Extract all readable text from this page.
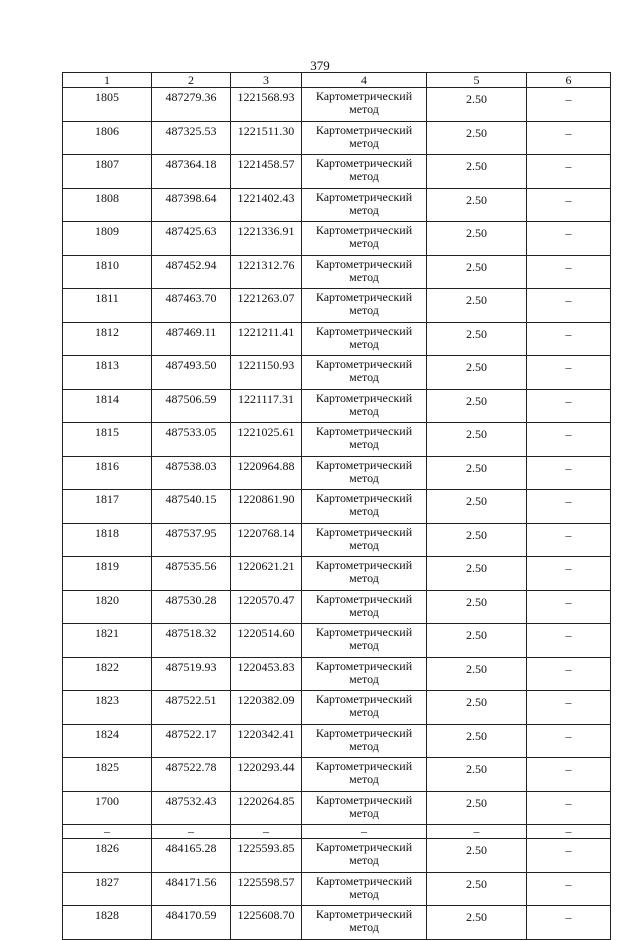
379
1	2	3	4	5	6
1805	487279.36	1221568.93	Картометрический метод	2.50	–
1806	487325.53	1221511.30	Картометрический метод	2.50	–
1807	487364.18	1221458.57	Картометрический метод	2.50	–
1808	487398.64	1221402.43	Картометрический метод	2.50	–
1809	487425.63	1221336.91	Картометрический метод	2.50	–
1810	487452.94	1221312.76	Картометрический метод	2.50	–
1811	487463.70	1221263.07	Картометрический метод	2.50	–
1812	487469.11	1221211.41	Картометрический метод	2.50	–
1813	487493.50	1221150.93	Картометрический метод	2.50	–
1814	487506.59	1221117.31	Картометрический метод	2.50	–
1815	487533.05	1221025.61	Картометрический метод	2.50	–
1816	487538.03	1220964.88	Картометрический метод	2.50	–
1817	487540.15	1220861.90	Картометрический метод	2.50	–
1818	487537.95	1220768.14	Картометрический метод	2.50	–
1819	487535.56	1220621.21	Картометрический метод	2.50	–
1820	487530.28	1220570.47	Картометрический метод	2.50	–
1821	487518.32	1220514.60	Картометрический метод	2.50	–
1822	487519.93	1220453.83	Картометрический метод	2.50	–
1823	487522.51	1220382.09	Картометрический метод	2.50	–
1824	487522.17	1220342.41	Картометрический метод	2.50	–
1825	487522.78	1220293.44	Картометрический метод	2.50	–
1700	487532.43	1220264.85	Картометрический метод	2.50	–
–	–	–	–	–	–
1826	484165.28	1225593.85	Картометрический метод	2.50	–
1827	484171.56	1225598.57	Картометрический метод	2.50	–
1828	484170.59	1225608.70	Картометрический метод	2.50	–
